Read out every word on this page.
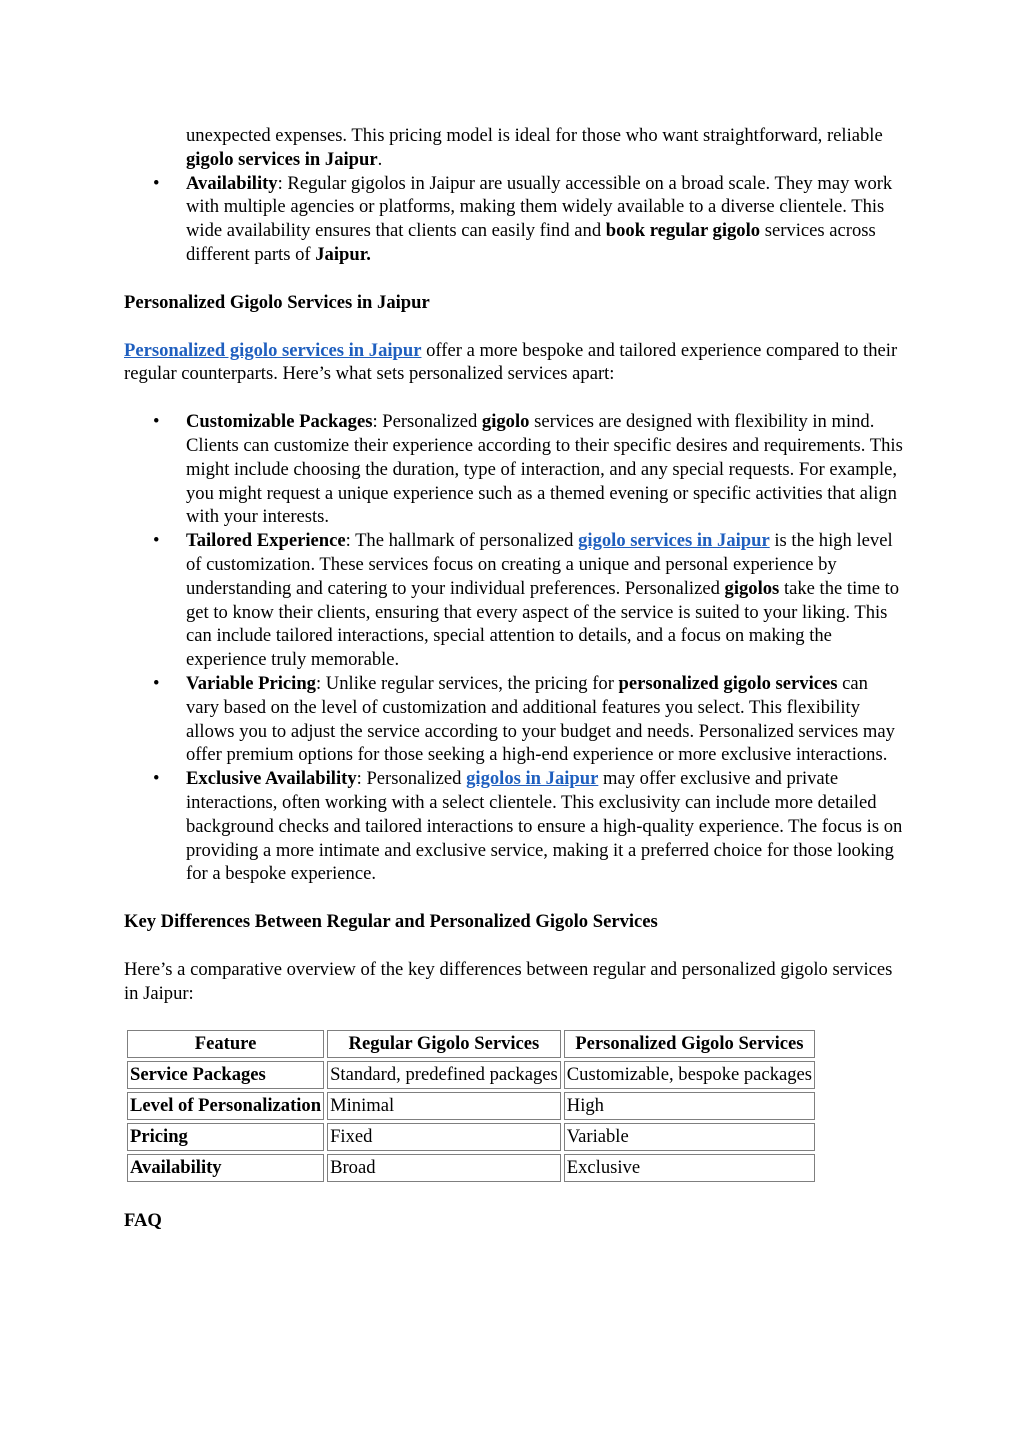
unexpected expenses. This pricing model is ideal for those who want straightforward, reliable gigolo services in Jaipur.

• Availability: Regular gigolos in Jaipur are usually accessible on a broad scale. They may work with multiple agencies or platforms, making them widely available to a diverse clientele. This wide availability ensures that clients can easily find and book regular gigolo services across different parts of Jaipur.
Personalized Gigolo Services in Jaipur

Personalized gigolo services in Jaipur offer a more bespoke and tailored experience compared to their regular counterparts. Here’s what sets personalized services apart:

• Customizable Packages: Personalized gigolo services are designed with flexibility in mind. Clients can customize their experience according to their specific desires and requirements. This might include choosing the duration, type of interaction, and any special requests. For example, you might request a unique experience such as a themed evening or specific activities that align with your interests.
• Tailored Experience: The hallmark of personalized gigolo services in Jaipur is the high level of customization. These services focus on creating a unique and personal experience by understanding and catering to your individual preferences. Personalized gigolos take the time to get to know their clients, ensuring that every aspect of the service is suited to your liking. This can include tailored interactions, special attention to details, and a focus on making the experience truly memorable.
• Variable Pricing: Unlike regular services, the pricing for personalized gigolo services can vary based on the level of customization and additional features you select. This flexibility allows you to adjust the service according to your budget and needs. Personalized services may offer premium options for those seeking a high-end experience or more exclusive interactions.
• Exclusive Availability: Personalized gigolos in Jaipur may offer exclusive and private interactions, often working with a select clientele. This exclusivity can include more detailed background checks and tailored interactions to ensure a high-quality experience. The focus is on providing a more intimate and exclusive service, making it a preferred choice for those looking for a bespoke experience.
Key Differences Between Regular and Personalized Gigolo Services

Here’s a comparative overview of the key differences between regular and personalized gigolo services in Jaipur:

Feature	Regular Gigolo Services	Personalized Gigolo Services
Service Packages	Standard, predefined packages	Customizable, bespoke packages
Level of Personalization	Minimal	High
Pricing	Fixed	Variable
Availability	Broad	Exclusive
FAQ
